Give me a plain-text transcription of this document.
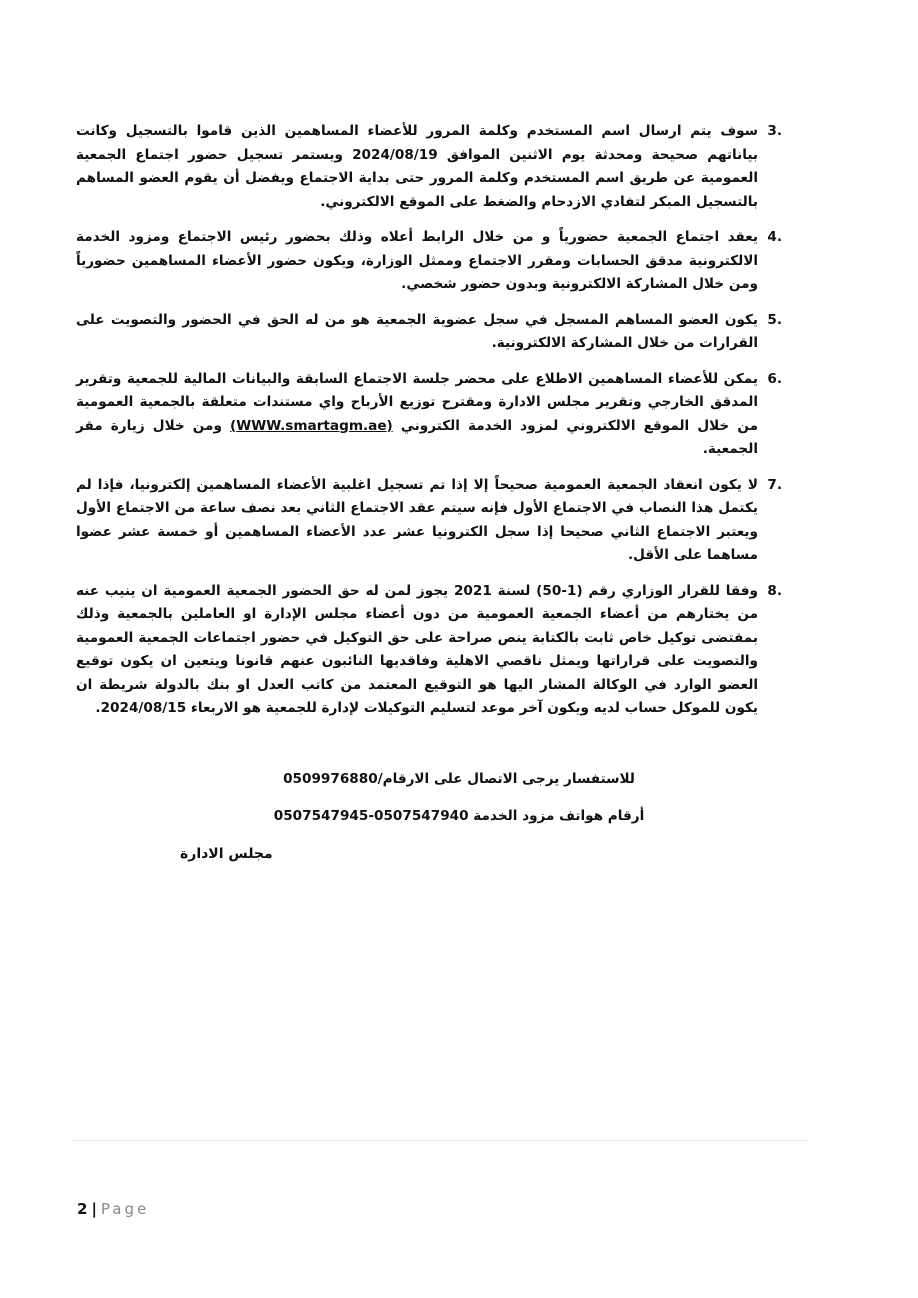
3.
سوف يتم ارسال اسم المستخدم وكلمة المرور للأعضاء المساهمين الذين قاموا بالتسجيل وكانت بياناتهم صحيحة ومحدثة يوم الاثنين الموافق 2024/08/19 ويستمر تسجيل حضور اجتماع الجمعية العمومية عن طريق اسم المستخدم وكلمة المرور حتى بداية الاجتماع ويفضل أن يقوم العضو المساهم بالتسجيل المبكر لتفادي الازدحام والضغط على الموقع الالكتروني.
4.
يعقد اجتماع الجمعية حضورياً و من خلال الرابط أعلاه وذلك بحضور رئيس الاجتماع ومزود الخدمة الالكترونية مدقق الحسابات ومقرر الاجتماع وممثل الوزارة، ويكون حضور الأعضاء المساهمين حضورياً ومن خلال المشاركة الالكترونية وبدون حضور شخصي.
5.
يكون العضو المساهم المسجل في سجل عضوية الجمعية هو من له الحق في الحضور والتصويت على القرارات من خلال المشاركة الالكترونية.
6.
يمكن للأعضاء المساهمين الاطلاع على محضر جلسة الاجتماع السابقة والبيانات المالية للجمعية وتقرير المدقق الخارجي وتقرير مجلس الادارة ومقترح توزيع الأرباح واي مستندات متعلقة بالجمعية العمومية من خلال الموقع الالكتروني لمزود الخدمة الكتروني (WWW.smartagm.ae) ومن خلال زيارة مقر الجمعية.
7.
لا يكون انعقاد الجمعية العمومية صحيحاً إلا إذا تم تسجيل اغلبية الأعضاء المساهمين إلكترونيا، فإذا لم يكتمل هذا النصاب في الاجتماع الأول فإنه سيتم عقد الاجتماع الثاني بعد نصف ساعة من الاجتماع الأول ويعتبر الاجتماع الثاني صحيحا إذا سجل الكترونيا عشر عدد الأعضاء المساهمين أو خمسة عشر عضوا مساهما على الأقل.
8.
وفقا للقرار الوزاري رقم (1-50) لسنة 2021 يجوز لمن له حق الحضور الجمعية العمومية ان ينيب عنه من يختارهم من أعضاء الجمعية العمومية من دون أعضاء مجلس الإدارة او العاملين بالجمعية وذلك بمقتضى توكيل خاص ثابت بالكتابة ينص صراحة على حق التوكيل في حضور اجتماعات الجمعية العمومية والتصويت على قراراتها ويمثل ناقصي الاهلية وفاقديها النائبون عنهم قانونا ويتعين ان يكون توقيع العضو الوارد في الوكالة المشار اليها هو التوقيع المعتمد من كاتب العدل او بنك بالدولة شريطة ان يكون للموكل حساب لديه ويكون آخر موعد لتسليم التوكيلات لإدارة للجمعية هو الاربعاء 2024/08/15.
للاستفسار يرجى الاتصال على الارقام/0509976880
أرقام هواتف مزود الخدمة 0507547940-0507547945
مجلس الادارة
2 | Page
